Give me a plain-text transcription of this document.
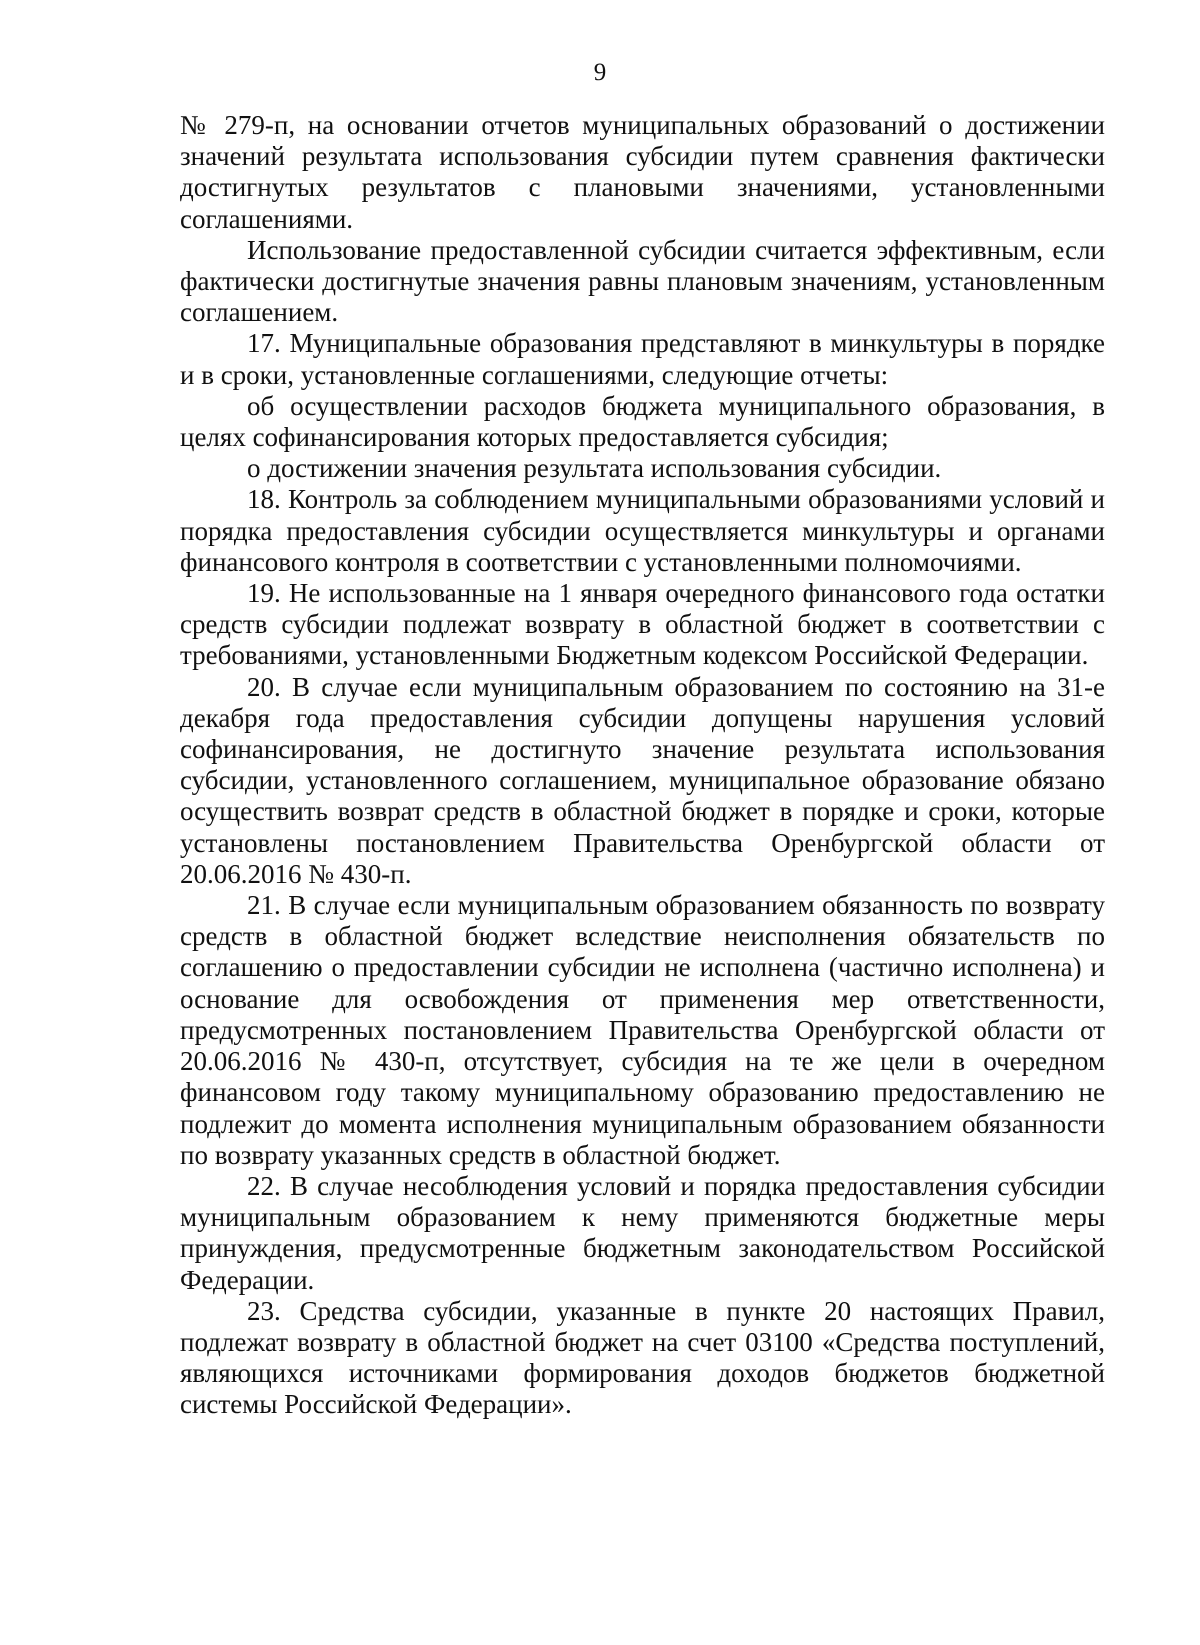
9

№ 279-п, на основании отчетов муниципальных образований о достижении значений результата использования субсидии путем сравнения фактически достигнутых результатов с плановыми значениями, установленными соглашениями.

Использование предоставленной субсидии считается эффективным, если фактически достигнутые значения равны плановым значениям, установленным соглашением.

17. Муниципальные образования представляют в минкультуры в порядке и в сроки, установленные соглашениями, следующие отчеты:

об осуществлении расходов бюджета муниципального образования, в целях софинансирования которых предоставляется субсидия;

о достижении значения результата использования субсидии.

18. Контроль за соблюдением муниципальными образованиями условий и порядка предоставления субсидии осуществляется минкультуры и органами финансового контроля в соответствии с установленными полномочиями.

19. Не использованные на 1 января очередного финансового года остатки средств субсидии подлежат возврату в областной бюджет в соответствии с требованиями, установленными Бюджетным кодексом Российской Федерации.

20. В случае если муниципальным образованием по состоянию на 31-е декабря года предоставления субсидии допущены нарушения условий софинансирования, не достигнуто значение результата использования субсидии, установленного соглашением, муниципальное образование обязано осуществить возврат средств в областной бюджет в порядке и сроки, которые установлены постановлением Правительства Оренбургской области от 20.06.2016 № 430-п.

21. В случае если муниципальным образованием обязанность по возврату средств в областной бюджет вследствие неисполнения обязательств по соглашению о предоставлении субсидии не исполнена (частично исполнена) и основание для освобождения от применения мер ответственности, предусмотренных постановлением Правительства Оренбургской области от 20.06.2016 № 430-п, отсутствует, субсидия на те же цели в очередном финансовом году такому муниципальному образованию предоставлению не подлежит до момента исполнения муниципальным образованием обязанности по возврату указанных средств в областной бюджет.

22. В случае несоблюдения условий и порядка предоставления субсидии муниципальным образованием к нему применяются бюджетные меры принуждения, предусмотренные бюджетным законодательством Российской Федерации.

23. Средства субсидии, указанные в пункте 20 настоящих Правил, подлежат возврату в областной бюджет на счет 03100 «Средства поступлений, являющихся источниками формирования доходов бюджетов бюджетной системы Российской Федерации».
